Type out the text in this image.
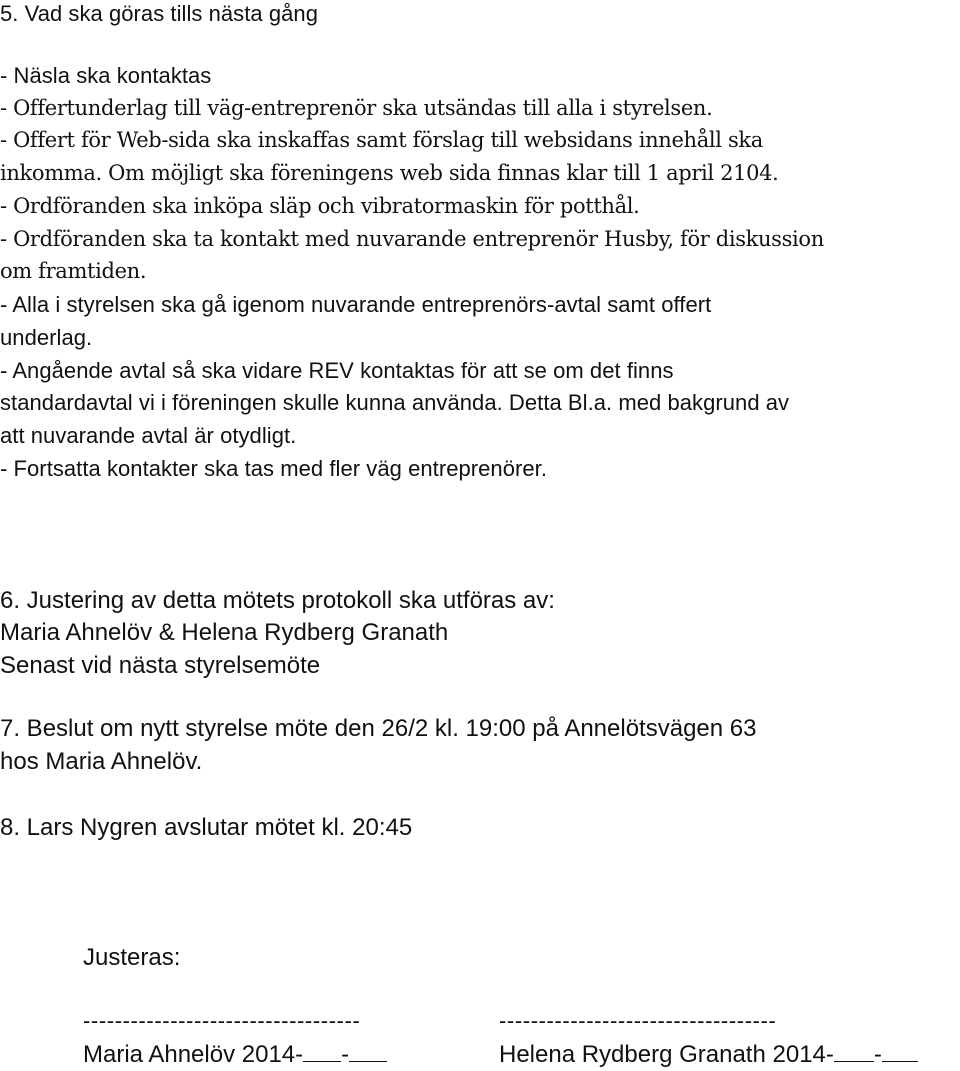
5. Vad ska göras tills nästa gång
- Näsla ska kontaktas
- Offertunderlag till väg-entreprenör ska utsändas till alla i styrelsen.
- Offert för Web-sida ska inskaffas samt förslag till websidans innehåll ska
inkomma. Om möjligt ska föreningens web sida finnas klar till 1 april 2104.
- Ordföranden ska inköpa släp och vibratormaskin för potthål.
- Ordföranden ska ta kontakt med nuvarande entreprenör Husby, för diskussion
om framtiden.
- Alla i styrelsen ska gå igenom nuvarande entreprenörs-avtal samt offert
underlag.
- Angående avtal så ska vidare REV kontaktas för att se om det finns
standardavtal vi i föreningen skulle kunna använda. Detta Bl.a. med bakgrund av
att nuvarande avtal är otydligt.
- Fortsatta kontakter ska tas med fler väg entreprenörer.
6. Justering av detta mötets protokoll ska utföras av:
Maria Ahnelöv & Helena Rydberg Granath
Senast vid nästa styrelsemöte
7. Beslut om nytt styrelse möte den 26/2 kl. 19:00 på Annelötsvägen 63
hos Maria Ahnelöv.
8. Lars Nygren avslutar mötet kl. 20:45
Justeras:
-----------------------------------	-----------------------------------
Maria Ahnelöv 2014- -	Helena Rydberg Granath 2014- -
